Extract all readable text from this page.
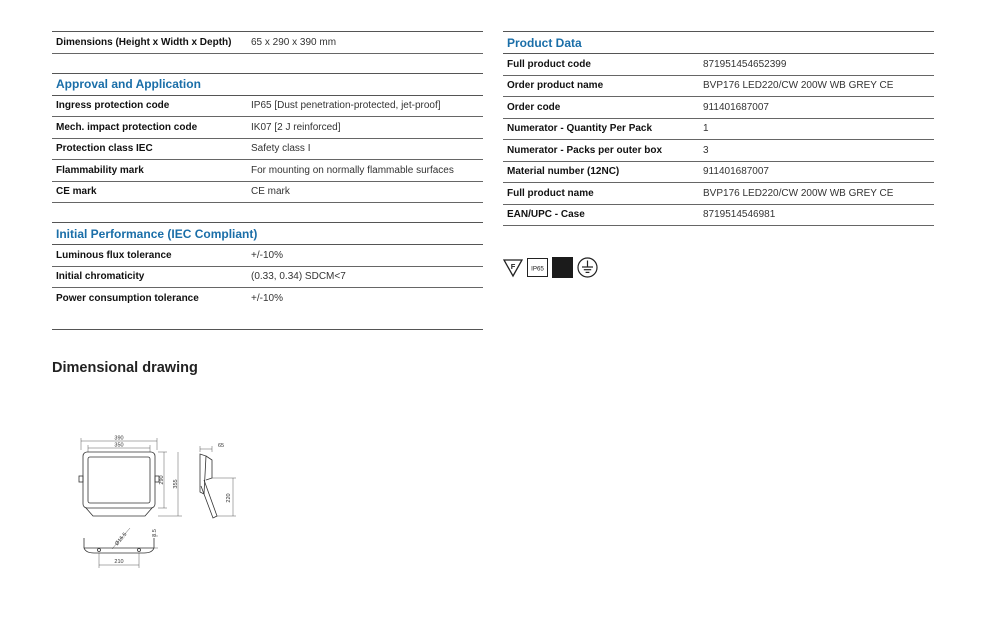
Dimensions (Height x Width x Depth)	65 x 290 x 390 mm
Approval and Application
Ingress protection code	IP65 [Dust penetration-protected, jet-proof]
Mech. impact protection code	IK07 [2 J reinforced]
Protection class IEC	Safety class I
Flammability mark	For mounting on normally flammable surfaces
CE mark	CE mark
Initial Performance (IEC Compliant)
Luminous flux tolerance	+/-10%
Initial chromaticity	(0.33, 0.34) SDCM<7
Power consumption tolerance	+/-10%
Product Data
Full product code	871951454652399
Order product name	BVP176 LED220/CW 200W WB GREY CE
Order code	911401687007
Numerator - Quantity Per Pack	1
Numerator - Packs per outer box	3
Material number (12NC)	911401687007
Full product name	BVP176 LED220/CW 200W WB GREY CE
EAN/UPC - Case	8719514546981
F	IP65
Dimensional drawing
390
350
290 355
65
220
210
Ø16.5	8.5
